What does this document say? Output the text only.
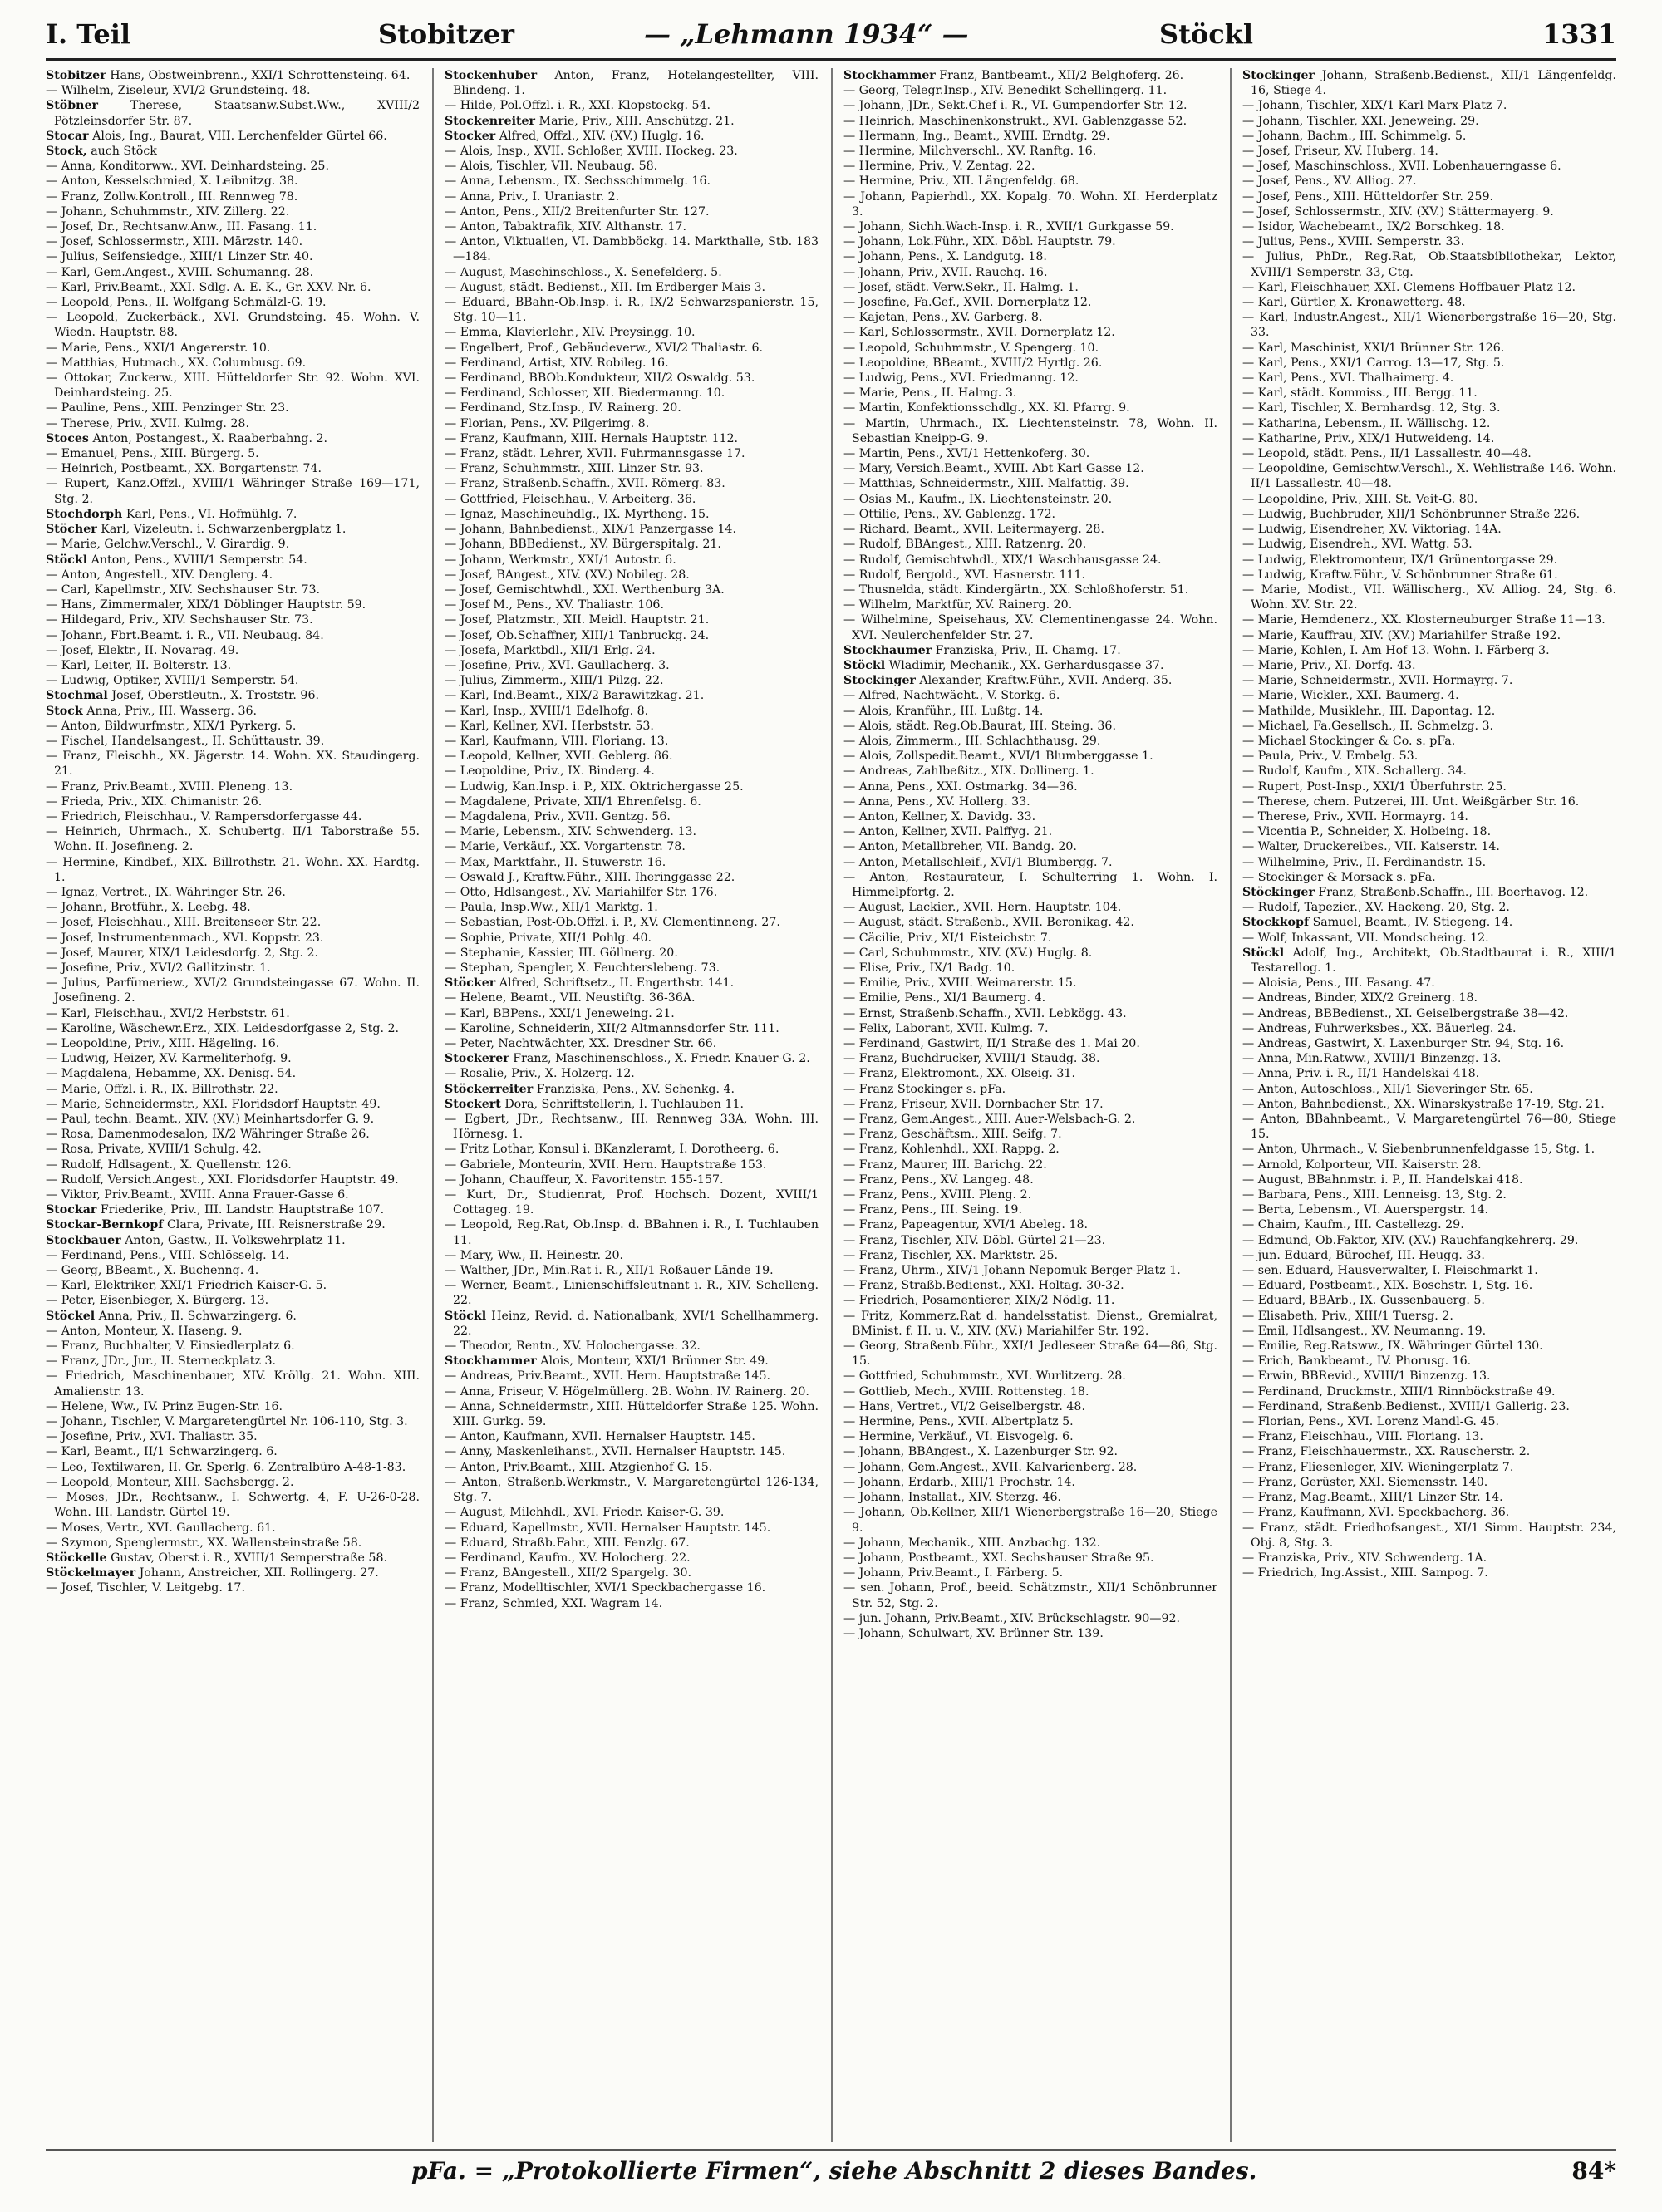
I. Teil	Stobitzer	— „Lehmann 1934“ —	Stöckl	1331

Stobitzer Hans, Obstweinbrenn., XXI/1 Schrottensteing. 64.

— Wilhelm, Ziseleur, XVI/2 Grundsteing. 48.

Stöbner	Therese, Staatsanw.Subst.Ww., XVIII/2 Pötzleinsdorfer Str. 87.

Stocar Alois, Ing., Baurat, VIII. Lerchenfelder Gürtel 66.

Stock, auch Stöck

— Anna, Konditorww., XVI. Deinhardsteing. 25.

— Anton, Kesselschmied, X. Leibnitzg. 38.

— Franz, Zollw.Kontroll., III. Rennweg 78.

— Johann, Schuhmmstr., XIV. Zillerg. 22.

— Josef, Dr., Rechtsanw.Anw., III. Fasang. 11.

— Josef, Schlossermstr., XIII. Märzstr. 140.

— Julius, Seifensiedge., XIII/1 Linzer Str. 40.

— Karl, Gem.Angest., XVIII. Schumanng. 28.

— Karl, Priv.Beamt., XXI. Sdlg. A. E. K., Gr. XXV. Nr. 6.

— Leopold, Pens., II. Wolfgang Schmälzl-G. 19.

— Leopold, Zuckerbäck., XVI. Grundsteing. 45. Wohn. V. Wiedn. Hauptstr. 88.

— Marie, Pens., XXI/1 Angererstr. 10.

— Matthias, Hutmach., XX. Columbusg. 69.

— Ottokar, Zuckerw., XIII. Hütteldorfer Str. 92. Wohn. XVI. Deinhardsteing. 25.

— Pauline, Pens., XIII. Penzinger Str. 23.

— Therese, Priv., XVII. Kulmg. 28.

Stoces Anton, Postangest., X. Raaberbahng. 2.

— Emanuel, Pens., XIII. Bürgerg. 5.

— Heinrich, Postbeamt., XX. Borgartenstr. 74.

— Rupert, Kanz.Offzl., XVIII/1 Währinger Straße 169—171, Stg. 2.

Stochdorph Karl, Pens., VI. Hofmühlg. 7.

Stöcher Karl, Vizeleutn. i. Schwarzenbergplatz 1.

— Marie, Gelchw.Verschl., V. Girardig. 9.

Stöckl Anton, Pens., XVIII/1 Semperstr. 54.

— Anton, Angestell., XIV. Denglerg. 4.

— Carl, Kapellmstr., XIV. Sechshauser Str. 73.

— Hans, Zimmermaler, XIX/1 Döblinger Hauptstr. 59.

— Hildegard, Priv., XIV. Sechshauser Str. 73.

— Johann, Fbrt.Beamt. i. R., VII. Neubaug. 84.

— Josef, Elektr., II. Novarag. 49.

— Karl, Leiter, II. Bolterstr. 13.

— Ludwig, Optiker, XVIII/1 Semperstr. 54.

Stochmal Josef, Oberstleutn., X. Troststr. 96.

Stock Anna, Priv., III. Wasserg. 36.

— Anton, Bildwurfmstr., XIX/1 Pyrkerg. 5.

— Fischel, Handelsangest., II. Schüttaustr. 39.

— Franz, Fleischh., XX. Jägerstr. 14. Wohn. XX. Staudingerg. 21.

— Franz, Priv.Beamt., XVIII. Pleneng. 13.

— Frieda, Priv., XIX. Chimanistr. 26.

— Friedrich, Fleischhau., V. Rampersdorfergasse 44.

— Heinrich, Uhrmach., X. Schubertg. II/1 Taborstraße 55. Wohn. II. Josefineng. 2.

— Hermine, Kindbef., XIX. Billrothstr. 21. Wohn. XX. Hardtg. 1.

— Ignaz, Vertret., IX. Währinger Str. 26.

— Johann, Brotführ., X. Leebg. 48.

— Josef, Fleischhau., XIII. Breitenseer Str. 22.

— Josef, Instrumentenmach., XVI. Koppstr. 23.

— Josef, Maurer, XIX/1 Leidesdorfg. 2, Stg. 2.

— Josefine, Priv., XVI/2 Gallitzinstr. 1.

— Julius, Parfümeriew., XVI/2 Grundsteingasse 67. Wohn. II. Josefineng. 2.

— Karl, Fleischhau., XVI/2 Herbststr. 61.

— Karoline, Wäschewr.Erz., XIX. Leidesdorfgasse 2, Stg. 2.

— Leopoldine, Priv., XIII. Hägeling. 16.

— Ludwig, Heizer, XV. Karmeliterhofg. 9.

— Magdalena, Hebamme, XX. Denisg. 54.

— Marie, Offzl. i. R., IX. Billrothstr. 22.

— Marie, Schneidermstr., XXI. Floridsdorf Hauptstr. 49.

— Paul, techn. Beamt., XIV. (XV.) Meinhartsdorfer G. 9.

— Rosa, Damenmodesalon, IX/2 Währinger Straße 26.

— Rosa, Private, XVIII/1 Schulg. 42.

— Rudolf, Hdlsagent., X. Quellenstr. 126.

— Rudolf, Versich.Angest., XXI. Floridsdorfer Hauptstr. 49.

— Viktor, Priv.Beamt., XVIII. Anna Frauer-Gasse 6.

Stockar Friederike, Priv., III. Landstr. Hauptstraße 107.

Stockar-Bernkopf Clara, Private, III. Reisnerstraße 29.

Stockbauer Anton, Gastw., II. Volkswehrplatz 11.

— Ferdinand, Pens., VIII. Schlösselg. 14.

— Georg, BBeamt., X. Buchenng. 4.

— Karl, Elektriker, XXI/1 Friedrich Kaiser-G. 5.

— Peter, Eisenbieger, X. Bürgerg. 13.

Stöckel Anna, Priv., II. Schwarzingerg. 6.

— Anton, Monteur, X. Haseng. 9.

— Franz, Buchhalter, V. Einsiedlerplatz 6.

— Franz, JDr., Jur., II. Sterneckplatz 3.

— Friedrich, Maschinenbauer, XIV. Kröllg. 21. Wohn. XIII. Amalienstr. 13.

— Helene, Ww., IV. Prinz Eugen-Str. 16.

— Johann, Tischler, V. Margaretengürtel Nr. 106-110, Stg. 3.

— Josefine, Priv., XVI. Thaliastr. 35.

— Karl, Beamt., II/1 Schwarzingerg. 6.

— Leo, Textilwaren, II. Gr. Sperlg. 6. Zentralbüro A-48-1-83.

— Leopold, Monteur, XIII. Sachsbergg. 2.

— Moses, JDr., Rechtsanw., I. Schwertg. 4, F. U-26-0-28. Wohn. III. Landstr. Gürtel 19.

— Moses, Vertr., XVI. Gaullacherg. 61.

— Szymon, Spenglermstr., XX. Wallensteinstraße 58.

Stöckelle Gustav, Oberst i. R., XVIII/1 Semperstraße 58.

Stöckelmayer Johann, Anstreicher, XII. Rollingerg. 27.

— Josef, Tischler, V. Leitgebg. 17.

Stockenhuber Anton, Franz, Hotelangestellter, VIII. Blindeng. 1.

— Hilde, Pol.Offzl. i. R., XXI. Klopstockg. 54.

Stockenreiter Marie, Priv., XIII. Anschützg. 21.

Stocker Alfred, Offzl., XIV. (XV.) Huglg. 16.

— Alois, Insp., XVII. Schloßer, XVIII. Hockeg. 23.

— Alois, Tischler, VII. Neubaug. 58.

— Anna, Lebensm., IX. Sechsschimmelg. 16.

— Anna, Priv., I. Uraniastr. 2.

— Anton, Pens., XII/2 Breitenfurter Str. 127.

— Anton, Tabaktrafik, XIV. Althanstr. 17.

— Anton, Viktualien, VI. Dambböckg. 14. Markthalle, Stb. 183—184.

— August, Maschinschloss., X. Senefelderg. 5.

— August, städt. Bedienst., XII. Im Erdberger Mais 3.

— Eduard, BBahn-Ob.Insp. i. R., IX/2 Schwarzspanierstr. 15, Stg. 10—11.

— Emma, Klavierlehr., XIV. Preysingg. 10.

— Engelbert, Prof., Gebäudeverw., XVI/2 Thaliastr. 6.

— Ferdinand, Artist, XIV. Robileg. 16.

— Ferdinand, BBOb.Kondukteur, XII/2 Oswaldg. 53.

— Ferdinand, Schlosser, XII. Biedermanng. 10.

— Ferdinand, Stz.Insp., IV. Rainerg. 20.

— Florian, Pens., XV. Pilgerimg. 8.

— Franz, Kaufmann, XIII. Hernals Hauptstr. 112.

— Franz, städt. Lehrer, XVII. Fuhrmannsgasse 17.

— Franz, Schuhmmstr., XIII. Linzer Str. 93.

— Franz, Straßenb.Schaffn., XVII. Römerg. 83.

— Gottfried, Fleischhau., V. Arbeiterg. 36.

— Ignaz, Maschineuhdlg., IX. Myrtheng. 15.

— Johann, Bahnbedienst., XIX/1 Panzergasse 14.

— Johann, BBBedienst., XV. Bürgerspitalg. 21.

— Johann, Werkmstr., XXI/1 Autostr. 6.

— Josef, BAngest., XIV. (XV.) Nobileg. 28.

— Josef, Gemischtwhdl., XXI. Werthenburg 3A.

— Josef M., Pens., XV. Thaliastr. 106.

— Josef, Platzmstr., XII. Meidl. Hauptstr. 21.

— Josef, Ob.Schaffner, XIII/1 Tanbruckg. 24.

— Josefa, Marktbdl., XII/1 Erlg. 24.

— Josefine, Priv., XVI. Gaullacherg. 3.

— Julius, Zimmerm., XIII/1 Pilzg. 22.

— Karl, Ind.Beamt., XIX/2 Barawitzkag. 21.

— Karl, Insp., XVIII/1 Edelhofg. 8.

— Karl, Kellner, XVI. Herbststr. 53.

— Karl, Kaufmann, VIII. Floriang. 13.

— Leopold, Kellner, XVII. Geblerg. 86.

— Leopoldine, Priv., IX. Binderg. 4.

— Ludwig, Kan.Insp. i. P., XIX. Oktrichergasse 25.

— Magdalene, Private, XII/1 Ehrenfelsg. 6.

— Magdalena, Priv., XVII. Gentzg. 56.

— Marie, Lebensm., XIV. Schwenderg. 13.

— Marie, Verkäuf., XX. Vorgartenstr. 78.

— Max, Marktfahr., II. Stuwerstr. 16.

— Oswald J., Kraftw.Führ., XIII. Iheringgasse 22.

— Otto, Hdlsangest., XV. Mariahilfer Str. 176.

— Paula, Insp.Ww., XII/1 Marktg. 1.

— Sebastian, Post-Ob.Offzl. i. P., XV. Clementinneng. 27.

— Sophie, Private, XII/1 Pohlg. 40.

— Stephanie, Kassier, III. Göllnerg. 20.

— Stephan, Spengler, X. Feuchterslebeng. 73.

Stöcker Alfred, Schriftsetz., II. Engerthstr. 141.

— Helene, Beamt., VII. Neustiftg. 36-36A.

— Karl, BBPens., XXI/1 Jeneweing. 21.

— Karoline, Schneiderin, XII/2 Altmannsdorfer Str. 111.

— Peter, Nachtwächter, XX. Dresdner Str. 66.

Stockerer Franz, Maschinenschloss., X. Friedr. Knauer-G. 2.

— Rosalie, Priv., X. Holzerg. 12.

Stöckerreiter Franziska, Pens., XV. Schenkg. 4.

Stockert Dora, Schriftstellerin, I. Tuchlauben 11.

— Egbert, JDr., Rechtsanw., III. Rennweg 33A, Wohn. III. Hörnesg. 1.

— Fritz Lothar, Konsul i. BKanzleramt, I. Dorotheerg. 6.

— Gabriele, Monteurin, XVII. Hern. Hauptstraße 153.

— Johann, Chauffeur, X. Favoritenstr. 155-157.

— Kurt, Dr., Studienrat, Prof. Hochsch. Dozent, XVIII/1 Cottageg. 19.

— Leopold, Reg.Rat, Ob.Insp. d. BBahnen i. R., I. Tuchlauben 11.

— Mary, Ww., II. Heinestr. 20.

— Walther, JDr., Min.Rat i. R., XII/1 Roßauer Lände 19.

— Werner, Beamt., Linienschiffsleutnant i. R., XIV. Schelleng. 22.

Stöckl Heinz, Revid. d. Nationalbank, XVI/1 Schellhammerg. 22.

— Theodor, Rentn., XV. Holochergasse. 32.

Stockhammer Alois, Monteur, XXI/1 Brünner Str. 49.

— Andreas, Priv.Beamt., XVII. Hern. Hauptstraße 145.

— Anna, Friseur, V. Högelmüllerg. 2B. Wohn. IV. Rainerg. 20.

— Anna, Schneidermstr., XIII. Hütteldorfer Straße 125. Wohn. XIII. Gurkg. 59.

— Anton, Kaufmann, XVII. Hernalser Hauptstr. 145.

— Anny, Maskenleihanst., XVII. Hernalser Hauptstr. 145.

— Anton, Priv.Beamt., XIII. Atzgienhof G. 15.

— Anton, Straßenb.Werkmstr., V. Margaretengürtel 126-134, Stg. 7.

— August, Milchhdl., XVI. Friedr. Kaiser-G. 39.

— Eduard, Kapellmstr., XVII. Hernalser Hauptstr. 145.

— Eduard, Straßb.Fahr., XIII. Fenzlg. 67.

— Ferdinand, Kaufm., XV. Holocherg. 22.

— Franz, BAngestell., XII/2 Spargelg. 30.

— Franz, Modelltischler, XVI/1 Speckbachergasse 16.

— Franz, Schmied, XXI. Wagram 14.

Stockhammer Franz, Bantbeamt., XII/2 Belghoferg. 26.

— Georg, Telegr.Insp., XIV. Benedikt Schellingerg. 11.

— Johann, JDr., Sekt.Chef i. R., VI. Gumpendorfer Str. 12.

— Heinrich, Maschinenkonstrukt., XVI. Gablenzgasse 52.

— Hermann, Ing., Beamt., XVIII. Erndtg. 29.

— Hermine, Milchverschl., XV. Ranftg. 16.

— Hermine, Priv., V. Zentag. 22.

— Hermine, Priv., XII. Längenfeldg. 68.

— Johann, Papierhdl., XX. Kopalg. 70. Wohn. XI. Herderplatz 3.

— Johann, Sichh.Wach-Insp. i. R., XVII/1 Gurkgasse 59.

— Johann, Lok.Führ., XIX. Döbl. Hauptstr. 79.

— Johann, Pens., X. Landgutg. 18.

— Johann, Priv., XVII. Rauchg. 16.

— Josef, städt. Verw.Sekr., II. Halmg. 1.

— Josefine, Fa.Gef., XVII. Dornerplatz 12.

— Kajetan, Pens., XV. Garberg. 8.

— Karl, Schlossermstr., XVII. Dornerplatz 12.

— Leopold, Schuhmmstr., V. Spengerg. 10.

— Leopoldine, BBeamt., XVIII/2 Hyrtlg. 26.

— Ludwig, Pens., XVI. Friedmanng. 12.

— Marie, Pens., II. Halmg. 3.

— Martin, Konfektionsschdlg., XX. Kl. Pfarrg. 9.

— Martin, Uhrmach., IX. Liechtensteinstr. 78, Wohn. II. Sebastian Kneipp-G. 9.

— Martin, Pens., XVI/1 Hettenkoferg. 30.

— Mary, Versich.Beamt., XVIII. Abt Karl-Gasse 12.

— Matthias, Schneidermstr., XIII. Malfattig. 39.

— Osias M., Kaufm., IX. Liechtensteinstr. 20.

— Ottilie, Pens., XV. Gablenzg. 172.

— Richard, Beamt., XVII. Leitermayerg. 28.

— Rudolf, BBAngest., XIII. Ratzenrg. 20.

— Rudolf, Gemischtwhdl., XIX/1 Waschhausgasse 24.

— Rudolf, Bergold., XVI. Hasnerstr. 111.

— Thusnelda, städt. Kindergärtn., XX. Schloßhoferstr. 51.

— Wilhelm, Marktfür, XV. Rainerg. 20.

— Wilhelmine, Speisehaus, XV. Clementinengasse 24. Wohn. XVI. Neulerchenfelder Str. 27.

Stockhaumer Franziska, Priv., II. Chamg. 17.

Stöckl Wladimir, Mechanik., XX. Gerhardusgasse 37.

Stockinger Alexander, Kraftw.Führ., XVII. Anderg. 35.

— Alfred, Nachtwächt., V. Storkg. 6.

— Alois, Kranführ., III. Lußtg. 14.

— Alois, städt. Reg.Ob.Baurat, III. Steing. 36.

— Alois, Zimmerm., III. Schlachthausg. 29.

— Alois, Zollspedit.Beamt., XVI/1 Blumberggasse 1.

— Andreas, Zahlbeßitz., XIX. Dollinerg. 1.

— Anna, Pens., XXI. Ostmarkg. 34—36.

— Anna, Pens., XV. Hollerg. 33.

— Anton, Kellner, X. Davidg. 33.

— Anton, Kellner, XVII. Palffyg. 21.

— Anton, Metallbreher, VII. Bandg. 20.

— Anton, Metallschleif., XVI/1 Blumbergg. 7.

— Anton, Restaurateur, I. Schulterring 1. Wohn. I. Himmelpfortg. 2.

— August, Lackier., XVII. Hern. Hauptstr. 104.

— August, städt. Straßenb., XVII. Beronikag. 42.

— Cäcilie, Priv., XI/1 Eisteichstr. 7.

— Carl, Schuhmmstr., XIV. (XV.) Huglg. 8.

— Elise, Priv., IX/1 Badg. 10.

— Emilie, Priv., XVIII. Weimarerstr. 15.

— Emilie, Pens., XI/1 Baumerg. 4.

— Ernst, Straßenb.Schaffn., XVII. Lebkögg. 43.

— Felix, Laborant, XVII. Kulmg. 7.

— Ferdinand, Gastwirt, II/1 Straße des 1. Mai 20.

— Franz, Buchdrucker, XVIII/1 Staudg. 38.

— Franz, Elektromont., XX. Olseig. 31.

— Franz Stockinger s. pFa.

— Franz, Friseur, XVII. Dornbacher Str. 17.

— Franz, Gem.Angest., XIII. Auer-Welsbach-G. 2.

— Franz, Geschäftsm., XIII. Seifg. 7.

— Franz, Kohlenhdl., XXI. Rappg. 2.

— Franz, Maurer, III. Barichg. 22.

— Franz, Pens., XV. Langeg. 48.

— Franz, Pens., XVIII. Pleng. 2.

— Franz, Pens., III. Seing. 19.

— Franz, Papeagentur, XVI/1 Abeleg. 18.

— Franz, Tischler, XIV. Döbl. Gürtel 21—23.

— Franz, Tischler, XX. Marktstr. 25.

— Franz, Uhrm., XIV/1 Johann Nepomuk Berger-Platz 1.

— Franz, Straßb.Bedienst., XXI. Holtag. 30-32.

— Friedrich, Posamentierer, XIX/2 Nödlg. 11.

— Fritz, Kommerz.Rat d. handelsstatist. Dienst., Gremialrat, BMinist. f. H. u. V., XIV. (XV.) Mariahilfer Str. 192.

— Georg, Straßenb.Führ., XXI/1 Jedleseer Straße 64—86, Stg. 15.

— Gottfried, Schuhmmstr., XVI. Wurlitzerg. 28.

— Gottlieb, Mech., XVIII. Rottensteg. 18.

— Hans, Vertret., VI/2 Geiselbergstr. 48.

— Hermine, Pens., XVII. Albertplatz 5.

— Hermine, Verkäuf., VI. Eisvogelg. 6.

— Johann, BBAngest., X. Lazenburger Str. 92.

— Johann, Gem.Angest., XVII. Kalvarienberg. 28.

— Johann, Erdarb., XIII/1 Prochstr. 14.

— Johann, Installat., XIV. Sterzg. 46.

— Johann, Ob.Kellner, XII/1 Wienerbergstraße 16—20, Stiege 9.

— Johann, Mechanik., XIII. Anzbachg. 132.

— Johann, Postbeamt., XXI. Sechshauser Straße 95.

— Johann, Priv.Beamt., I. Färberg. 5.

— sen. Johann, Prof., beeid. Schätzmstr., XII/1 Schönbrunner Str. 52, Stg. 2.

— jun. Johann, Priv.Beamt., XIV. Brückschlagstr. 90—92.

— Johann, Schulwart, XV. Brünner Str. 139.

Stockinger Johann, Straßenb.Bedienst., XII/1 Längenfeldg. 16, Stiege 4.

— Johann, Tischler, XIX/1 Karl Marx-Platz 7.

— Johann, Tischler, XXI. Jeneweing. 29.

— Johann, Bachm., III. Schimmelg. 5.

— Josef, Friseur, XV. Huberg. 14.

— Josef, Maschinschloss., XVII. Lobenhauerngasse 6.

— Josef, Pens., XV. Alliog. 27.

— Josef, Pens., XIII. Hütteldorfer Str. 259.

— Josef, Schlossermstr., XIV. (XV.) Stättermayerg. 9.

— Isidor, Wachebeamt., IX/2 Borschkeg. 18.

— Julius, Pens., XVIII. Semperstr. 33.

— Julius, PhDr., Reg.Rat, Ob.Staatsbibliothekar, Lektor, XVIII/1 Semperstr. 33, Ctg.

— Karl, Fleischhauer, XXI. Clemens Hoffbauer-Platz 12.

— Karl, Gürtler, X. Kronawetterg. 48.

— Karl, Industr.Angest., XII/1 Wienerbergstraße 16—20, Stg. 33.

— Karl, Maschinist, XXI/1 Brünner Str. 126.

— Karl, Pens., XXI/1 Carrog. 13—17, Stg. 5.

— Karl, Pens., XVI. Thalhaimerg. 4.

— Karl, städt. Kommiss., III. Bergg. 11.

— Karl, Tischler, X. Bernhardsg. 12, Stg. 3.

— Katharina, Lebensm., II. Wällischg. 12.

— Katharine, Priv., XIX/1 Hutweideng. 14.

— Leopold, städt. Pens., II/1 Lassallestr. 40—48.

— Leopoldine, Gemischtw.Verschl., X. Wehlistraße 146. Wohn. II/1 Lassallestr. 40—48.

— Leopoldine, Priv., XIII. St. Veit-G. 80.

— Ludwig, Buchbruder, XII/1 Schönbrunner Straße 226.

— Ludwig, Eisendreher, XV. Viktoriag. 14A.

— Ludwig, Eisendreh., XVI. Wattg. 53.

— Ludwig, Elektromonteur, IX/1 Grünentorgasse 29.

— Ludwig, Kraftw.Führ., V. Schönbrunner Straße 61.

— Marie, Modist., VII. Wällischerg., XV. Alliog. 24, Stg. 6. Wohn. XV. Str. 22.

— Marie, Hemdenerz., XX. Klosterneuburger Straße 11—13.

— Marie, Kauffrau, XIV. (XV.) Mariahilfer Straße 192.

— Marie, Kohlen, I. Am Hof 13. Wohn. I. Färberg 3.

— Marie, Priv., XI. Dorfg. 43.

— Marie, Schneidermstr., XVII. Hormayrg. 7.

— Marie, Wickler., XXI. Baumerg. 4.

— Mathilde, Musiklehr., III. Dapontag. 12.

— Michael, Fa.Gesellsch., II. Schmelzg. 3.

— Michael Stockinger & Co. s. pFa.

— Paula, Priv., V. Embelg. 53.

— Rudolf, Kaufm., XIX. Schallerg. 34.

— Rupert, Post-Insp., XXI/1 Überfuhrstr. 25.

— Therese, chem. Putzerei, III. Unt. Weißgärber Str. 16.

— Therese, Priv., XVII. Hormayrg. 14.

— Vicentia P., Schneider, X. Holbeing. 18.

— Walter, Druckereibes., VII. Kaiserstr. 14.

— Wilhelmine, Priv., II. Ferdinandstr. 15.

— Stockinger & Morsack s. pFa.

Stöckinger Franz, Straßenb.Schaffn., III. Boerhavog. 12.

— Rudolf, Tapezier., XV. Hackeng. 20, Stg. 2.

Stockkopf Samuel, Beamt., IV. Stiegeng. 14.

— Wolf, Inkassant, VII. Mondscheing. 12.

Stöckl Adolf, Ing., Architekt, Ob.Stadtbaurat i. R., XIII/1 Testarellog. 1.

— Aloisia, Pens., III. Fasang. 47.

— Andreas, Binder, XIX/2 Greinerg. 18.

— Andreas, BBBedienst., XI. Geiselbergstraße 38—42.

— Andreas, Fuhrwerksbes., XX. Bäuerleg. 24.

— Andreas, Gastwirt, X. Laxenburger Str. 94, Stg. 16.

— Anna, Min.Ratww., XVIII/1 Binzenzg. 13.

— Anna, Priv. i. R., II/1 Handelskai 418.

— Anton, Autoschloss., XII/1 Sieveringer Str. 65.

— Anton, Bahnbedienst., XX. Winarskystraße 17-19, Stg. 21.

— Anton, BBahnbeamt., V. Margaretengürtel 76—80, Stiege 15.

— Anton, Uhrmach., V. Siebenbrunnenfeldgasse 15, Stg. 1.

— Arnold, Kolporteur, VII. Kaiserstr. 28.

— August, BBahnmstr. i. P., II. Handelskai 418.

— Barbara, Pens., XIII. Lenneisg. 13, Stg. 2.

— Berta, Lebensm., VI. Auerspergstr. 14.

— Chaim, Kaufm., III. Castellezg. 29.

— Edmund, Ob.Faktor, XIV. (XV.) Rauchfangkehrerg. 29.

— jun. Eduard, Bürochef, III. Heugg. 33.

— sen. Eduard, Hausverwalter, I. Fleischmarkt 1.

— Eduard, Postbeamt., XIX. Boschstr. 1, Stg. 16.

— Eduard, BBArb., IX. Gussenbauerg. 5.

— Elisabeth, Priv., XIII/1 Tuersg. 2.

— Emil, Hdlsangest., XV. Neumanng. 19.

— Emilie, Reg.Ratsww., IX. Währinger Gürtel 130.

— Erich, Bankbeamt., IV. Phorusg. 16.

— Erwin, BBRevid., XVIII/1 Binzenzg. 13.

— Ferdinand, Druckmstr., XIII/1 Rinnböckstraße 49.

— Ferdinand, Straßenb.Bedienst., XVIII/1 Gallerig. 23.

— Florian, Pens., XVI. Lorenz Mandl-G. 45.

— Franz, Fleischhau., VIII. Floriang. 13.

— Franz, Fleischhauermstr., XX. Rauscherstr. 2.

— Franz, Fliesenleger, XIV. Wieningerplatz 7.

— Franz, Gerüster, XXI. Siemensstr. 140.

— Franz, Mag.Beamt., XIII/1 Linzer Str. 14.

— Franz, Kaufmann, XVI. Speckbacherg. 36.

— Franz, städt. Friedhofsangest., XI/1 Simm. Hauptstr. 234, Obj. 8, Stg. 3.

— Franziska, Priv., XIV. Schwenderg. 1A.

— Friedrich, Ing.Assist., XIII. Sampog. 7.

pFa. = „Protokollierte Firmen“, siehe Abschnitt 2 dieses Bandes.	84*
